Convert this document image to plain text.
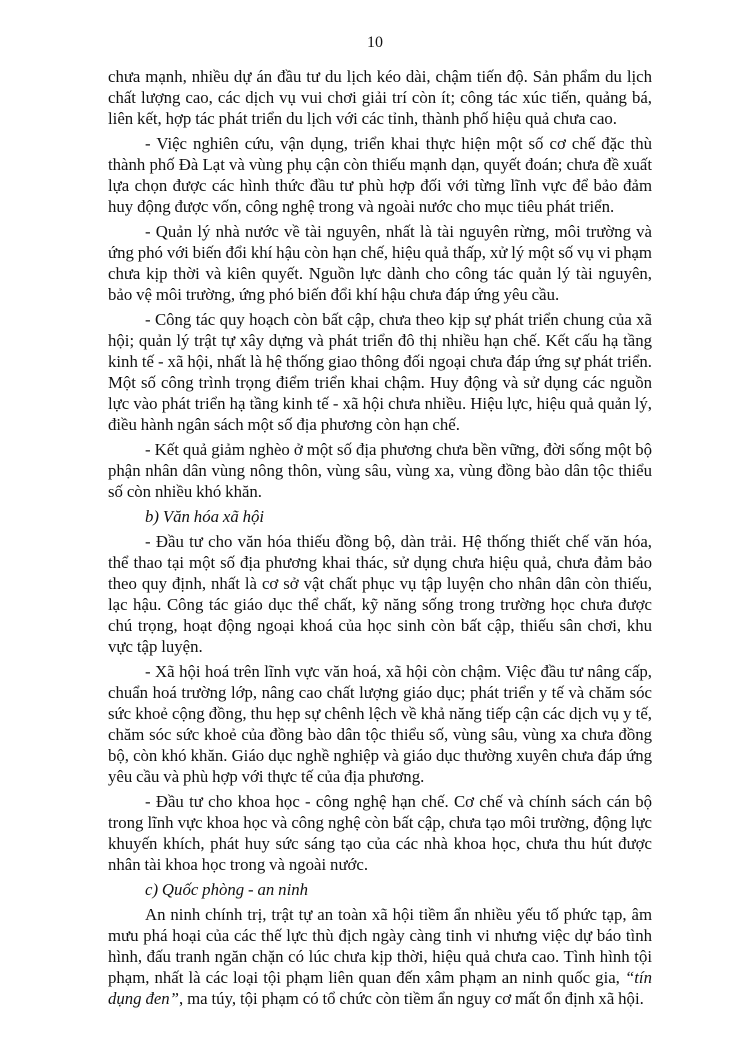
10

chưa mạnh, nhiều dự án đầu tư du lịch kéo dài, chậm tiến độ. Sản phẩm du lịch chất lượng cao, các dịch vụ vui chơi giải trí còn ít; công tác xúc tiến, quảng bá, liên kết, hợp tác phát triển du lịch với các tỉnh, thành phố hiệu quả chưa cao.

- Việc nghiên cứu, vận dụng, triển khai thực hiện một số cơ chế đặc thù thành phố Đà Lạt và vùng phụ cận còn thiếu mạnh dạn, quyết đoán; chưa đề xuất lựa chọn được các hình thức đầu tư phù hợp đối với từng lĩnh vực để bảo đảm huy động được vốn, công nghệ trong và ngoài nước cho mục tiêu phát triển.

- Quản lý nhà nước về tài nguyên, nhất là tài nguyên rừng, môi trường và ứng phó với biến đổi khí hậu còn hạn chế, hiệu quả thấp, xử lý một số vụ vi phạm chưa kịp thời và kiên quyết. Nguồn lực dành cho công tác quản lý tài nguyên, bảo vệ môi trường, ứng phó biến đổi khí hậu chưa đáp ứng yêu cầu.

- Công tác quy hoạch còn bất cập, chưa theo kịp sự phát triển chung của xã hội; quản lý trật tự xây dựng và phát triển đô thị nhiều hạn chế. Kết cấu hạ tầng kinh tế - xã hội, nhất là hệ thống giao thông đối ngoại chưa đáp ứng sự phát triển. Một số công trình trọng điểm triển khai chậm. Huy động và sử dụng các nguồn lực vào phát triển hạ tầng kinh tế - xã hội chưa nhiều. Hiệu lực, hiệu quả quản lý, điều hành ngân sách một số địa phương còn hạn chế.

- Kết quả giảm nghèo ở một số địa phương chưa bền vững, đời sống một bộ phận nhân dân vùng nông thôn, vùng sâu, vùng xa, vùng đồng bào dân tộc thiểu số còn nhiều khó khăn.

b) Văn hóa xã hội

- Đầu tư cho văn hóa thiếu đồng bộ, dàn trải. Hệ thống thiết chế văn hóa, thể thao tại một số địa phương khai thác, sử dụng chưa hiệu quả, chưa đảm bảo theo quy định, nhất là cơ sở vật chất phục vụ tập luyện cho nhân dân còn thiếu, lạc hậu. Công tác giáo dục thể chất, kỹ năng sống trong trường học chưa được chú trọng, hoạt động ngoại khoá của học sinh còn bất cập, thiếu sân chơi, khu vực tập luyện.

- Xã hội hoá trên lĩnh vực văn hoá, xã hội còn chậm. Việc đầu tư nâng cấp, chuẩn hoá trường lớp, nâng cao chất lượng giáo dục; phát triển y tế và chăm sóc sức khoẻ cộng đồng, thu hẹp sự chênh lệch về khả năng tiếp cận các dịch vụ y tế, chăm sóc sức khoẻ của đồng bào dân tộc thiểu số, vùng sâu, vùng xa chưa đồng bộ, còn khó khăn. Giáo dục nghề nghiệp và giáo dục thường xuyên chưa đáp ứng yêu cầu và phù hợp với thực tế của địa phương.

- Đầu tư cho khoa học - công nghệ hạn chế. Cơ chế và chính sách cán bộ trong lĩnh vực khoa học và công nghệ còn bất cập, chưa tạo môi trường, động lực khuyến khích, phát huy sức sáng tạo của các nhà khoa học, chưa thu hút được nhân tài khoa học trong và ngoài nước.

c) Quốc phòng - an ninh

An ninh chính trị, trật tự an toàn xã hội tiềm ẩn nhiều yếu tố phức tạp, âm mưu phá hoại của các thế lực thù địch ngày càng tinh vi nhưng việc dự báo tình hình, đấu tranh ngăn chặn có lúc chưa kịp thời, hiệu quả chưa cao. Tình hình tội phạm, nhất là các loại tội phạm liên quan đến xâm phạm an ninh quốc gia, “tín dụng đen”, ma túy, tội phạm có tổ chức còn tiềm ẩn nguy cơ mất ổn định xã hội.
